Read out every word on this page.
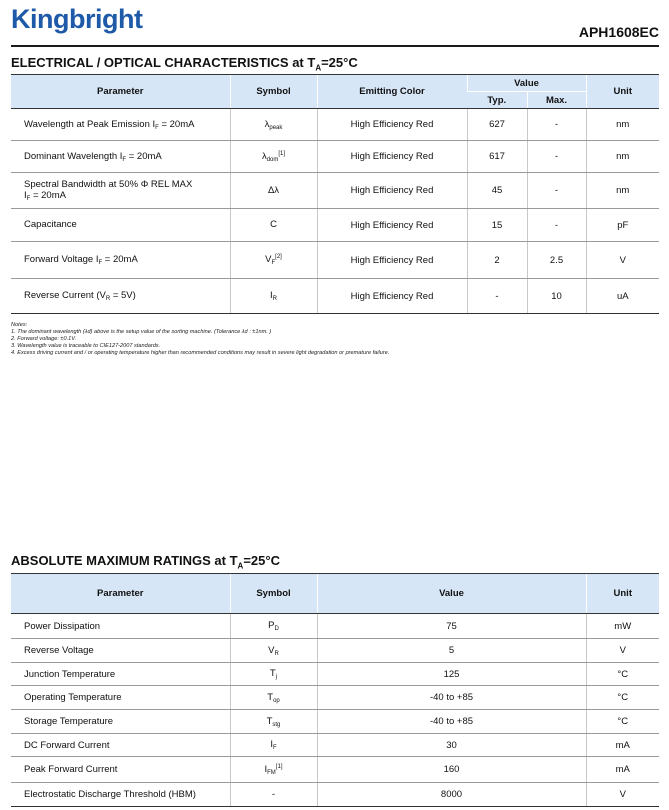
Kingbright	APH1608EC
ELECTRICAL / OPTICAL CHARACTERISTICS at $T_A=25^\circ C$
Parameter	Symbol	Emitting Color	Value		Unit
			Typ.	Max.	
Wavelength at Peak Emission $I_F = 20mA$	$\lambda_{peak}$	High Efficiency Red	627	-	nm
Dominant Wavelength $I_F = 20mA$	$\lambda_{dom}[1]$	High Efficiency Red	617	-	nm
Spectral Bandwidth at 50% Φ REL MAX
$I_F = 20mA$	Δλ	High Efficiency Red	45	-	nm
Capacitance	C	High Efficiency Red	15	-	pF
Forward Voltage $I_F = 20mA$	$V_F[2]$	High Efficiency Red	2	2.5	V
Reverse Current $(V_R = 5V)$	$I_R$	High Efficiency Red	-	10	uA
Notes:
1. The dominant wavelength (λd) above is the setup value of the sorting machine. (Tolerance λd : ±1nm. )
2. Forward voltage: ±0.1V.
3. Wavelength value is traceable to CIE127-2007 standards.
4. Excess driving current and / or operating temperature higher than recommended conditions may result in severe light degradation or premature failure.
ABSOLUTE MAXIMUM RATINGS at $T_A=25^\circ C$
Parameter	Symbol	Value	Unit
Power Dissipation	$P_D$	75	mW
Reverse Voltage	$V_R$	5	V
Junction Temperature	$T_j$	125	°C
Operating Temperature	$T_{op}$	-40 to +85	°C
Storage Temperature	$T_{stg}$	-40 to +85	°C
DC Forward Current	$I_F$	30	mA
Peak Forward Current	$I_{FM}[1]$	160	mA
Electrostatic Discharge Threshold (HBM)	-	8000	V
